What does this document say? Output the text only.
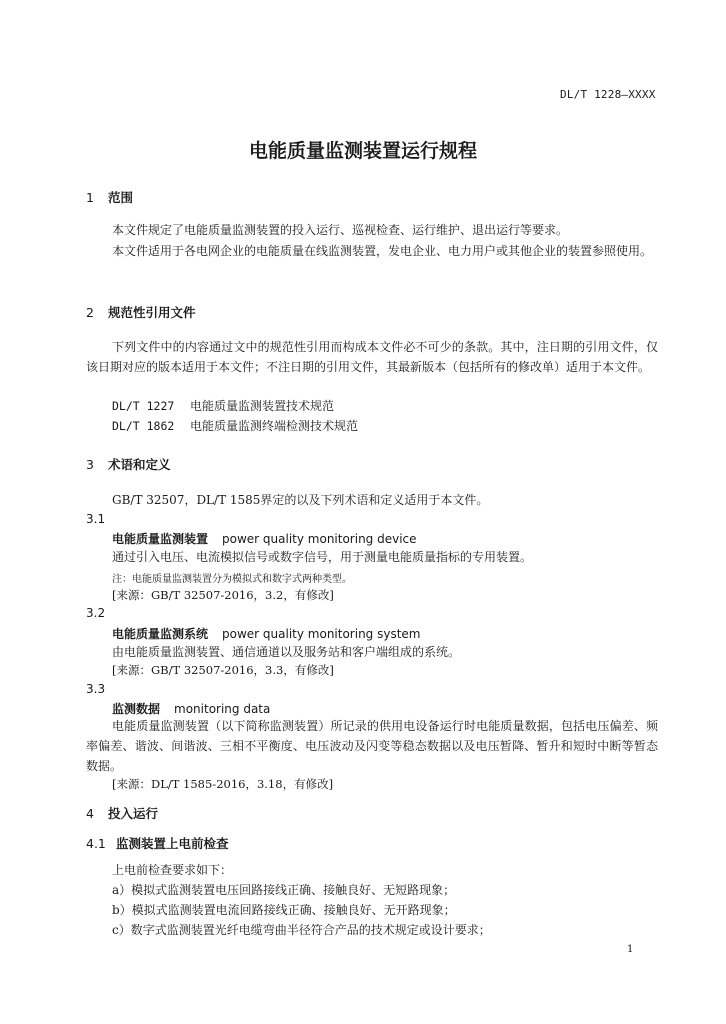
DL/T 1228—XXXX
电能质量监测装置运行规程
1 范围
本文件规定了电能质量监测装置的投入运行、巡视检查、运行维护、退出运行等要求。
本文件适用于各电网企业的电能质量在线监测装置，发电企业、电力用户或其他企业的装置参照使用。
2 规范性引用文件
下列文件中的内容通过文中的规范性引用而构成本文件必不可少的条款。其中，注日期的引用文件，仅该日期对应的版本适用于本文件；不注日期的引用文件，其最新版本（包括所有的修改单）适用于本文件。
DL/T 1227 电能质量监测装置技术规范
DL/T 1862 电能质量监测终端检测技术规范
3 术语和定义
GB/T 32507，DL/T 1585界定的以及下列术语和定义适用于本文件。
3.1
电能质量监测装置 power quality monitoring device
通过引入电压、电流模拟信号或数字信号，用于测量电能质量指标的专用装置。
注：电能质量监测装置分为模拟式和数字式两种类型。
[来源：GB/T 32507-2016，3.2，有修改]
3.2
电能质量监测系统 power quality monitoring system
由电能质量监测装置、通信通道以及服务站和客户端组成的系统。
[来源：GB/T 32507-2016，3.3，有修改]
3.3
监测数据 monitoring data
电能质量监测装置（以下简称监测装置）所记录的供用电设备运行时电能质量数据，包括电压偏差、频率偏差、谐波、间谐波、三相不平衡度、电压波动及闪变等稳态数据以及电压暂降、暂升和短时中断等暂态数据。
[来源：DL/T 1585-2016，3.18，有修改]
4 投入运行
4.1 监测装置上电前检查
上电前检查要求如下：
a）模拟式监测装置电压回路接线正确、接触良好、无短路现象；
b）模拟式监测装置电流回路接线正确、接触良好、无开路现象；
c）数字式监测装置光纤电缆弯曲半径符合产品的技术规定或设计要求；
1
